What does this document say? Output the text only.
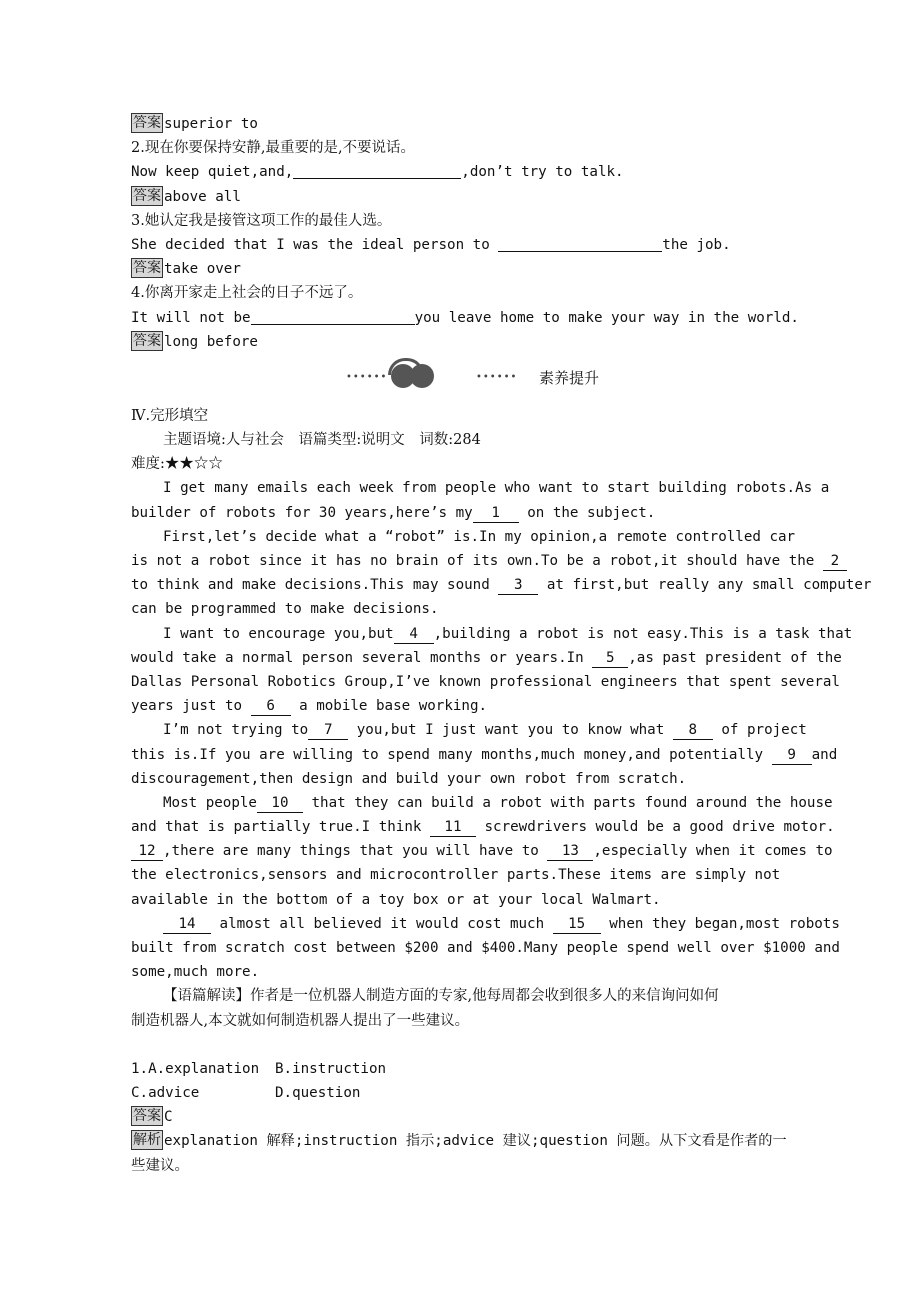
答案 superior to
2.现在你要保持安静,最重要的是,不要说话。
Now keep quiet,and,	,don’t try to talk.
答案 above all
3.她认定我是接管这项工作的最佳人选。
She decided that I was the ideal person to	the job.
答案 take over
4.你离开家走上社会的日子不远了。
It will not be	you leave home to make your way in the world.
答案 long before
••••••	•••••• 素养提升
Ⅳ.完形填空
主题语境:人与社会　语篇类型:说明文　词数:284
难度:★★☆☆
I get many emails each week from people who want to start building robots.As a
builder of robots for 30 years,here’s my 1 on the subject.
First,let’s decide what a “robot” is.In my opinion,a remote controlled car
is not a robot since it has no brain of its own.To be a robot,it should have the 2
to think and make decisions.This may sound 3 at first,but really any small computer
can be programmed to make decisions.
I want to encourage you,but 4 ,building a robot is not easy.This is a task that
would take a normal person several months or years.In 5 ,as past president of the
Dallas Personal Robotics Group,I’ve known professional engineers that spent several
years just to 6 a mobile base working.
I’m not trying to 7 you,but I just want you to know what 8 of project
this is.If you are willing to spend many months,much money,and potentially 9 and
discouragement,then design and build your own robot from scratch.
Most people 10 that they can build a robot with parts found around the house
and that is partially true.I think 11 screwdrivers would be a good drive motor.
12 ,there are many things that you will have to 13 ,especially when it comes to
the electronics,sensors and microcontroller parts.These items are simply not
available in the bottom of a toy box or at your local Walmart.
14 almost all believed it would cost much 15 when they began,most robots
built from scratch cost between $200 and $400.Many people spend well over $1000 and
some,much more.
【语篇解读】作者是一位机器人制造方面的专家,他每周都会收到很多人的来信询问如何
制造机器人,本文就如何制造机器人提出了一些建议。
1.A.explanation B.instruction
C.advice	D.question
答案 C
解析 explanation 解释;instruction 指示;advice 建议;question 问题。从下文看是作者的一
些建议。
